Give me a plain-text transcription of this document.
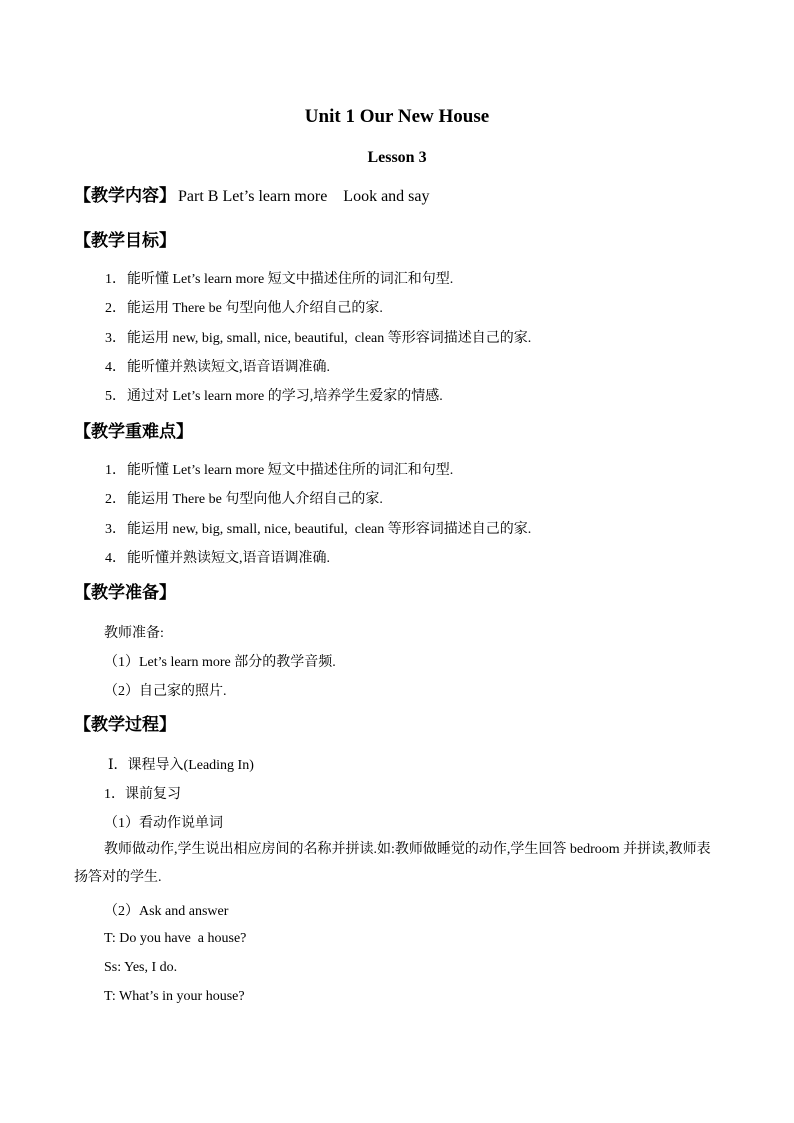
Unit 1 Our New House
Lesson 3
【教学内容】 Part B Let’s learn more    Look and say
【教学目标】
1．能听懂 Let’s learn more 短文中描述住所的词汇和句型.
2．能运用 There be 句型向他人介绍自己的家.
3．能运用 new, big, small, nice, beautiful,  clean 等形容词描述自己的家.
4．能听懂并熟读短文,语音语调准确.
5．通过对 Let’s learn more 的学习,培养学生爱家的情感.
【教学重难点】
1．能听懂 Let’s learn more 短文中描述住所的词汇和句型.
2．能运用 There be 句型向他人介绍自己的家.
3．能运用 new, big, small, nice, beautiful,  clean 等形容词描述自己的家.
4．能听懂并熟读短文,语音语调准确.
【教学准备】
教师准备:
（1）Let’s learn more 部分的教学音频.
（2）自己家的照片.
【教学过程】
Ⅰ．课程导入(Leading In)
1．课前复习
（1）看动作说单词
教师做动作,学生说出相应房间的名称并拼读.如:教师做睡觉的动作,学生回答 bedroom 并拼读,教师表扬答对的学生.
（2）Ask and answer
T: Do you have  a house?
Ss: Yes, I do.
T: What’s in your house?
